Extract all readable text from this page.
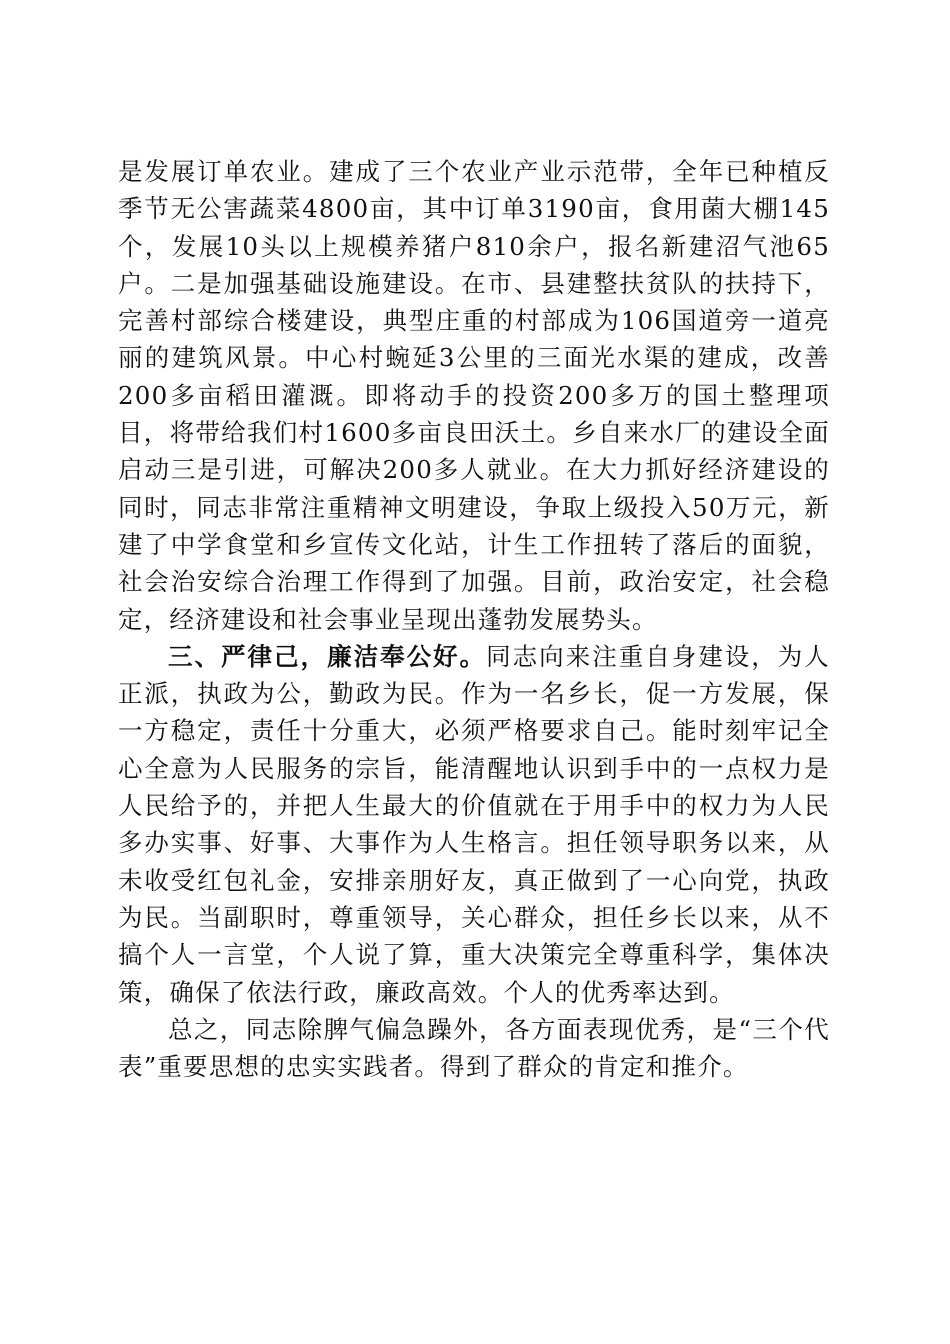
是发展订单农业。建成了三个农业产业示范带，全年已种植反季节无公害蔬菜4800亩，其中订单3190亩，食用菌大棚145个，发展10头以上规模养猪户810余户，报名新建沼气池65户。二是加强基础设施建设。在市、县建整扶贫队的扶持下，完善村部综合楼建设，典型庄重的村部成为106国道旁一道亮丽的建筑风景。中心村蜿延3公里的三面光水渠的建成，改善200多亩稻田灌溉。即将动手的投资200多万的国土整理项目，将带给我们村1600多亩良田沃土。乡自来水厂的建设全面启动三是引进，可解决200多人就业。在大力抓好经济建设的同时，同志非常注重精神文明建设，争取上级投入50万元，新建了中学食堂和乡宣传文化站，计生工作扭转了落后的面貌，社会治安综合治理工作得到了加强。目前，政治安定，社会稳定，经济建设和社会事业呈现出蓬勃发展势头。

三、严律己，廉洁奉公好。同志向来注重自身建设，为人正派，执政为公，勤政为民。作为一名乡长，促一方发展，保一方稳定，责任十分重大，必须严格要求自己。能时刻牢记全心全意为人民服务的宗旨，能清醒地认识到手中的一点权力是人民给予的，并把人生最大的价值就在于用手中的权力为人民多办实事、好事、大事作为人生格言。担任领导职务以来，从未收受红包礼金，安排亲朋好友，真正做到了一心向党，执政为民。当副职时，尊重领导，关心群众，担任乡长以来，从不搞个人一言堂，个人说了算，重大决策完全尊重科学，集体决策，确保了依法行政，廉政高效。个人的优秀率达到。

总之，同志除脾气偏急躁外，各方面表现优秀，是“三个代表”重要思想的忠实实践者。得到了群众的肯定和推介。
